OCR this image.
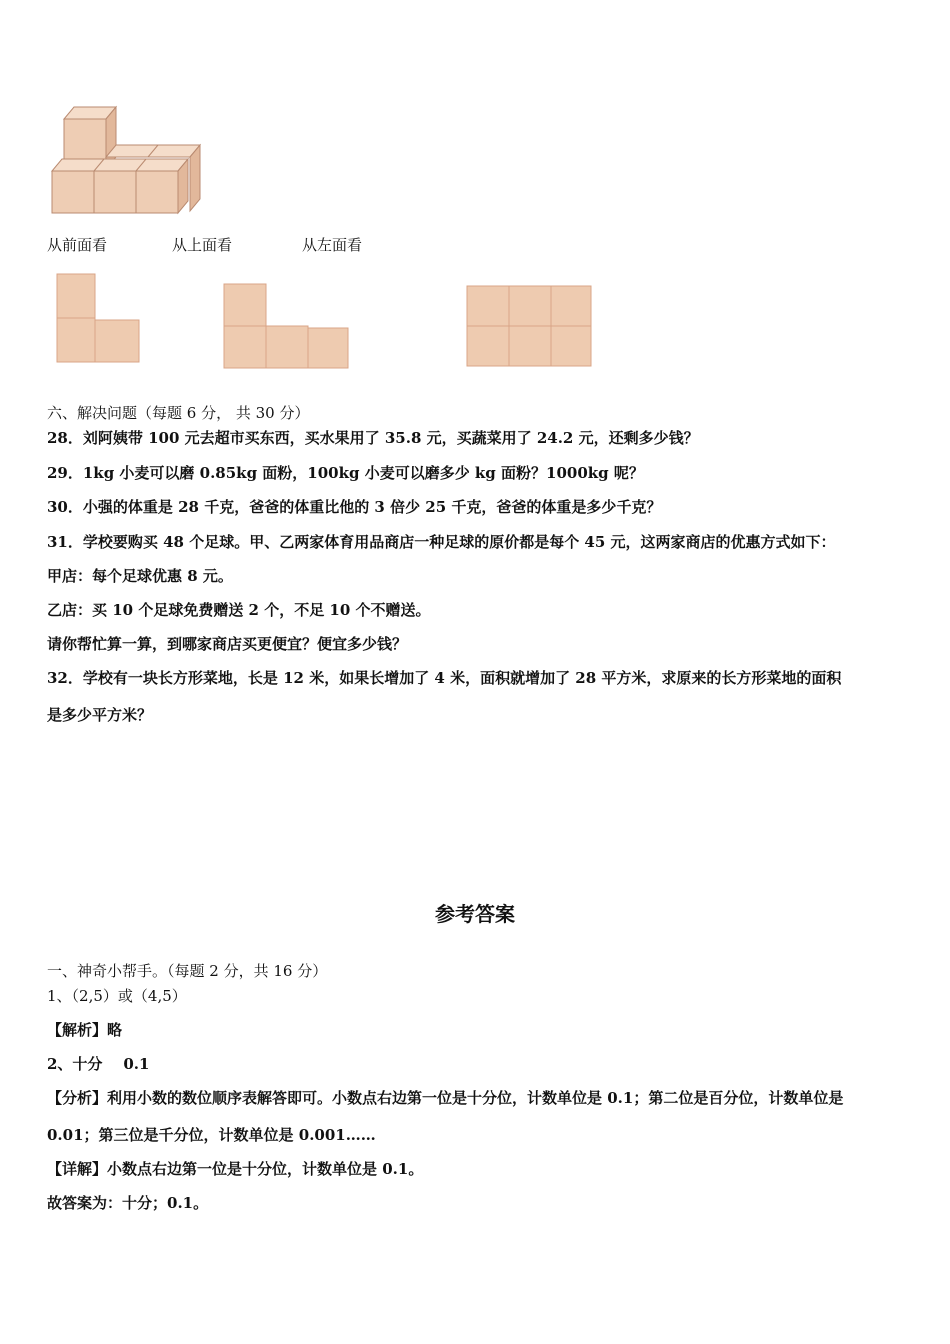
从前面看	从上面看	从左面看
六、解决问题（每题 6 分， 共 30 分）
28．刘阿姨带 100 元去超市买东西，买水果用了 35.8 元，买蔬菜用了 24.2 元，还剩多少钱？
29．1kg 小麦可以磨 0.85kg 面粉，100kg 小麦可以磨多少 kg 面粉？1000kg 呢？
30．小强的体重是 28 千克，爸爸的体重比他的 3 倍少 25 千克，爸爸的体重是多少千克？
31．学校要购买 48 个足球。甲、乙两家体育用品商店一种足球的原价都是每个 45 元，这两家商店的优惠方式如下：
甲店：每个足球优惠 8 元。
乙店：买 10 个足球免费赠送 2 个，不足 10 个不赠送。
请你帮忙算一算，到哪家商店买更便宜？便宜多少钱？
32．学校有一块长方形菜地，长是 12 米，如果长增加了 4 米，面积就增加了 28 平方米，求原来的长方形菜地的面积
是多少平方米？
参考答案
一、神奇小帮手。（每题 2 分，共 16 分）
1、（2,5）或（4,5）
【解析】略
2、十分    0.1
【分析】利用小数的数位顺序表解答即可。小数点右边第一位是十分位，计数单位是 0.1；第二位是百分位，计数单位是
0.01；第三位是千分位，计数单位是 0.001……
【详解】小数点右边第一位是十分位，计数单位是 0.1。
故答案为：十分；0.1。
